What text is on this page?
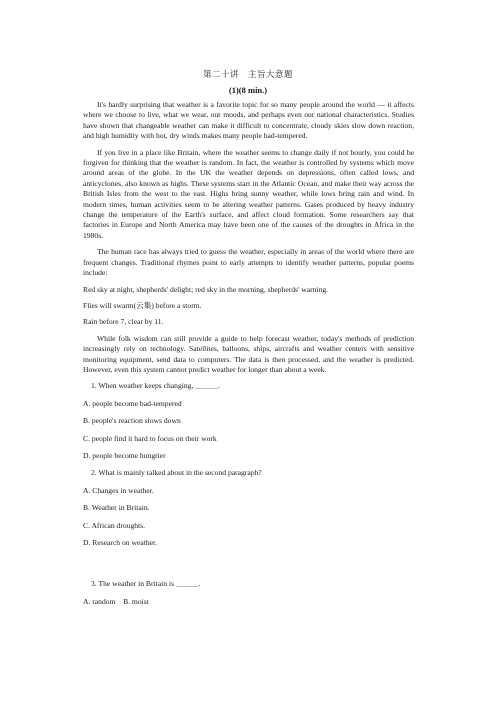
第二十讲　主旨大意题
(1)(8 min.)

It's hardly surprising that weather is a favorite topic for so many people around the world — it affects where we choose to live, what we wear, our moods, and perhaps even our national characteristics. Studies have shown that changeable weather can make it difficult to concentrate, cloudy skies slow down reaction, and high humidity with hot, dry winds makes many people bad-tempered.

If you live in a place like Britain, where the weather seems to change daily if not hourly, you could be forgiven for thinking that the weather is random. In fact, the weather is controlled by systems which move around areas of the globe. In the UK the weather depends on depressions, often called lows, and anticyclones, also known as highs. These systems start in the Atlantic Ocean, and make their way across the British Isles from the west to the east. Highs bring sunny weather, while lows bring rain and wind. In modern times, human activities seem to be altering weather patterns. Gases produced by heavy industry change the temperature of the Earth's surface, and affect cloud formation. Some researchers say that factories in Europe and North America may have been one of the causes of the droughts in Africa in the 1980s.

The human race has always tried to guess the weather, especially in areas of the world where there are frequent changes. Traditional rhymes point to early attempts to identify weather patterns, popular poems include:

Red sky at night, shepherds' delight; red sky in the morning, shepherds' warning.

Flies will swarm(云集) before a storm.

Rain before 7, clear by 11.

While folk wisdom can still provide a guide to help forecast weather, today's methods of prediction increasingly rely on technology. Satellites, balloons, ships, aircrafts and weather centers with sensitive monitoring equipment, send data to computers. The data is then processed, and the weather is predicted. However, even this system cannot predict weather for longer than about a week.

1. When weather keeps changing, ＿＿＿.
A. people become bad-tempered
B. people's reaction slows down
C. people find it hard to focus on their work
D. people become hungrier
2. What is mainly talked about in the second paragraph?
A. Changes in weather.
B. Weather in Britain.
C. African droughts.
D. Research on weather.
3. The weather in Britain is ＿＿＿.
A. random　B. moist
